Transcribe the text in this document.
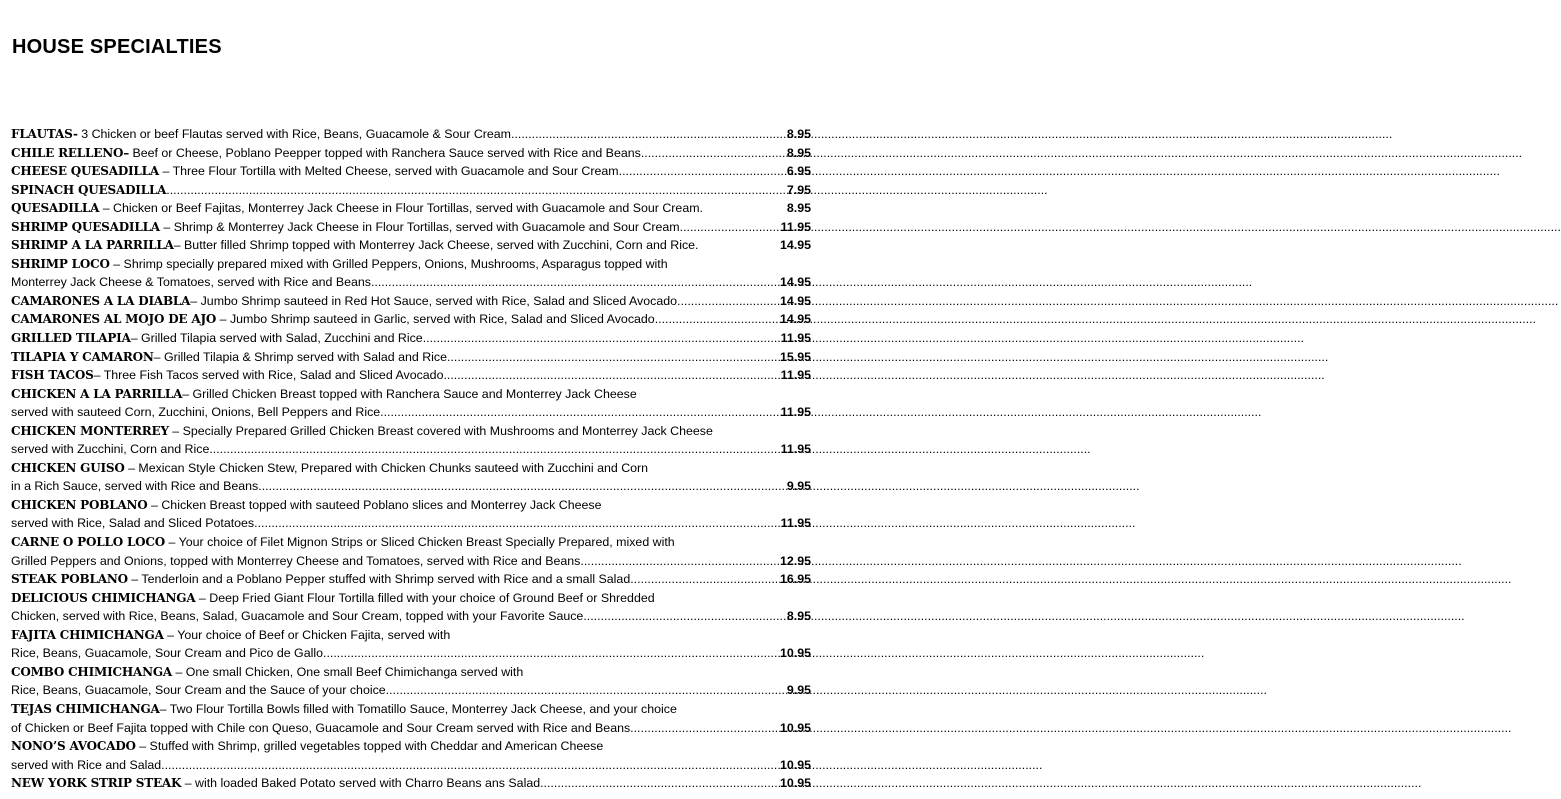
HOUSE SPECIALTIES
FLAUTAS- 3 Chicken or beef Flautas served with Rice, Beans, Guacamole & Sour Cream .....	8.95
CHILE RELLENO– Beef or Cheese, Poblano Peepper topped with Ranchera Sauce served with Rice and Beans .....	8.95
CHEESE QUESADILLA – Three Flour Tortilla with Melted Cheese, served with Guacamole and Sour Cream .....	6.95
SPINACH QUESADILLA .....	7.95
QUESADILLA – Chicken or Beef Fajitas, Monterrey Jack Cheese in Flour Tortillas, served with Guacamole and Sour Cream.	8.95
SHRIMP QUESADILLA – Shrimp & Monterrey Jack Cheese in Flour Tortillas, served with Guacamole and Sour Cream .....	11.95
SHRIMP A LA PARRILLA– Butter filled Shrimp topped with Monterrey Jack Cheese, served with Zucchini, Corn and Rice.	14.95
SHRIMP LOCO – Shrimp specially prepared mixed with Grilled Peppers, Onions, Mushrooms, Asparagus topped with
Monterrey Jack Cheese & Tomatoes, served with Rice and Beans .....	14.95
CAMARONES A LA DIABLA– Jumbo Shrimp sauteed in Red Hot Sauce, served with Rice, Salad and Sliced Avocado .....	14.95
CAMARONES AL MOJO DE AJO – Jumbo Shrimp sauteed in Garlic, served with Rice, Salad and Sliced Avocado .....	14.95
GRILLED TILAPIA– Grilled Tilapia served with Salad, Zucchini and Rice .....	11.95
TILAPIA Y CAMARON– Grilled Tilapia & Shrimp served with Salad and Rice .....	15.95
FISH TACOS– Three Fish Tacos served with Rice, Salad and Sliced Avocado .....	11.95
CHICKEN A LA PARRILLA– Grilled Chicken Breast topped with Ranchera Sauce and Monterrey Jack Cheese
served with sauteed Corn, Zucchini, Onions, Bell Peppers and Rice .....	11.95
CHICKEN MONTERREY – Specially Prepared Grilled Chicken Breast covered with Mushrooms and Monterrey Jack Cheese
served with Zucchini, Corn and Rice .....	11.95
CHICKEN GUISO – Mexican Style Chicken Stew, Prepared with Chicken Chunks sauteed with Zucchini and Corn
in a Rich Sauce, served with Rice and Beans .....	9.95
CHICKEN POBLANO – Chicken Breast topped with sauteed Poblano slices and Monterrey Jack Cheese
served with Rice, Salad and Sliced Potatoes .....	11.95
CARNE O POLLO LOCO – Your choice of Filet Mignon Strips or Sliced Chicken Breast Specially Prepared, mixed with
Grilled Peppers and Onions, topped with Monterrey Cheese and Tomatoes, served with Rice and Beans .....	12.95
STEAK POBLANO – Tenderloin and a Poblano Pepper stuffed with Shrimp served with Rice and a small Salad .....	16.95
DELICIOUS CHIMICHANGA – Deep Fried Giant Flour Tortilla filled with your choice of Ground Beef or Shredded
Chicken, served with Rice, Beans, Salad, Guacamole and Sour Cream, topped with your Favorite Sauce .....	8.95
FAJITA CHIMICHANGA – Your choice of Beef or Chicken Fajita, served with
Rice, Beans, Guacamole, Sour Cream and Pico de Gallo .....	10.95
COMBO CHIMICHANGA – One small Chicken, One small Beef Chimichanga served with
Rice, Beans, Guacamole, Sour Cream and the Sauce of your choice .....	9.95
TEJAS CHIMICHANGA– Two Flour Tortilla Bowls filled with Tomatillo Sauce, Monterrey Jack Cheese, and your choice
of Chicken or Beef Fajita topped with Chile con Queso, Guacamole and Sour Cream served with Rice and Beans .....	10.95
NONO’S AVOCADO – Stuffed with Shrimp, grilled vegetables topped with Cheddar and American Cheese
served with Rice and Salad .....	10.95
NEW YORK STRIP STEAK – with loaded Baked Potato served with Charro Beans ans Salad .....	10.95
